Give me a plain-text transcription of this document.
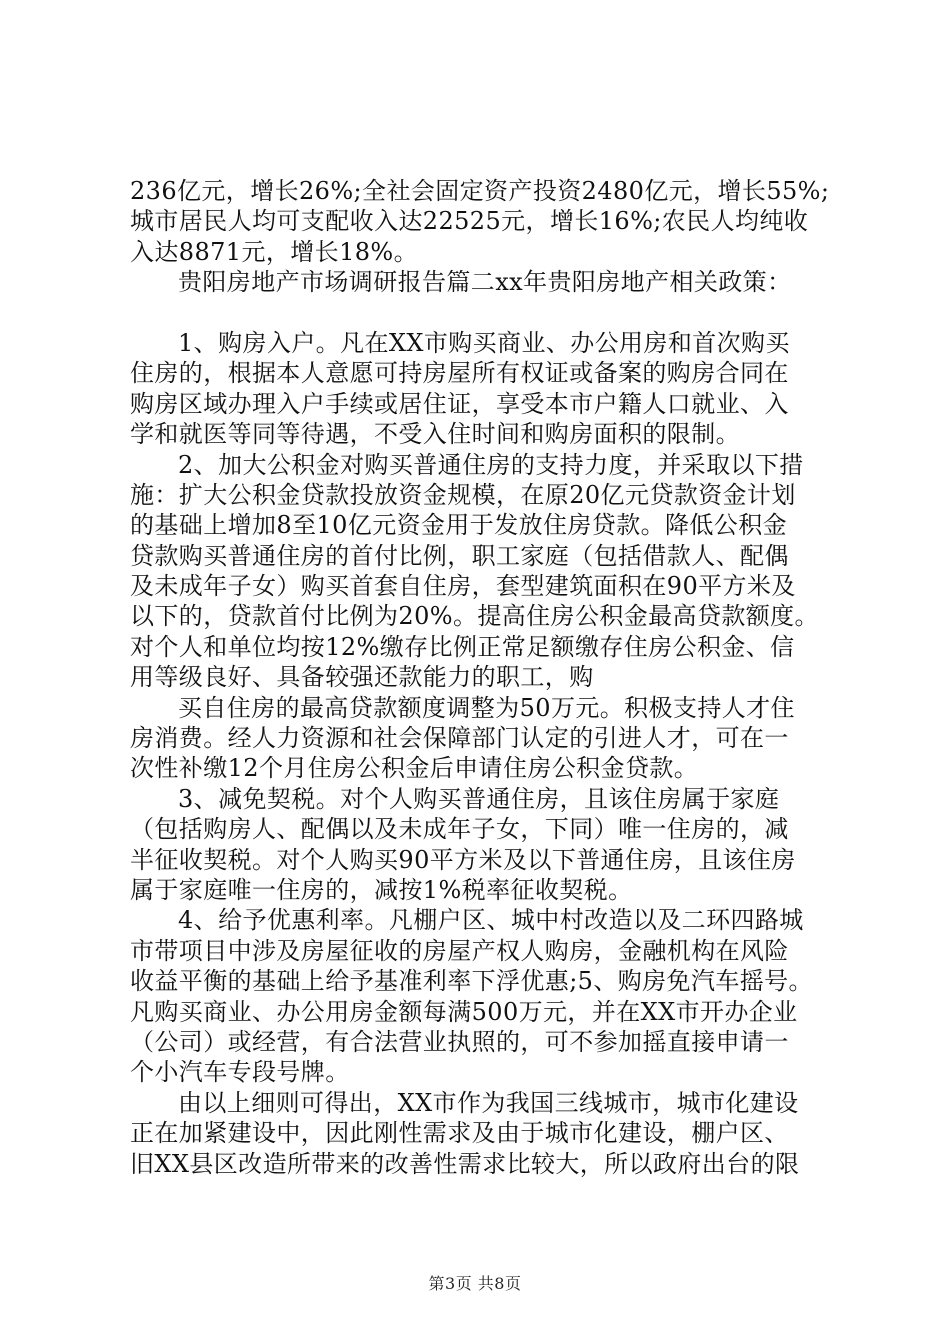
236亿元，增长26%;全社会固定资产投资2480亿元，增长55%;
城市居民人均可支配收入达22525元，增长16%;农民人均纯收
入达8871元，增长18%。
贵阳房地产市场调研报告篇二xx年贵阳房地产相关政策：
1、购房入户。凡在XX市购买商业、办公用房和首次购买
住房的，根据本人意愿可持房屋所有权证或备案的购房合同在
购房区域办理入户手续或居住证，享受本市户籍人口就业、入
学和就医等同等待遇，不受入住时间和购房面积的限制。
2、加大公积金对购买普通住房的支持力度，并采取以下措
施：扩大公积金贷款投放资金规模，在原20亿元贷款资金计划
的基础上增加8至10亿元资金用于发放住房贷款。降低公积金
贷款购买普通住房的首付比例，职工家庭（包括借款人、配偶
及未成年子女）购买首套自住房，套型建筑面积在90平方米及
以下的，贷款首付比例为20%。提高住房公积金最高贷款额度。
对个人和单位均按12%缴存比例正常足额缴存住房公积金、信
用等级良好、具备较强还款能力的职工，购
买自住房的最高贷款额度调整为50万元。积极支持人才住
房消费。经人力资源和社会保障部门认定的引进人才，可在一
次性补缴12个月住房公积金后申请住房公积金贷款。
3、减免契税。对个人购买普通住房，且该住房属于家庭
（包括购房人、配偶以及未成年子女，下同）唯一住房的，减
半征收契税。对个人购买90平方米及以下普通住房，且该住房
属于家庭唯一住房的，减按1%税率征收契税。
4、给予优惠利率。凡棚户区、城中村改造以及二环四路城
市带项目中涉及房屋征收的房屋产权人购房，金融机构在风险
收益平衡的基础上给予基准利率下浮优惠;5、购房免汽车摇号。
凡购买商业、办公用房金额每满500万元，并在XX市开办企业
（公司）或经营，有合法营业执照的，可不参加摇直接申请一
个小汽车专段号牌。
由以上细则可得出，XX市作为我国三线城市，城市化建设
正在加紧建设中，因此刚性需求及由于城市化建设，棚户区、
旧XX县区改造所带来的改善性需求比较大，所以政府出台的限
第3页 共8页
